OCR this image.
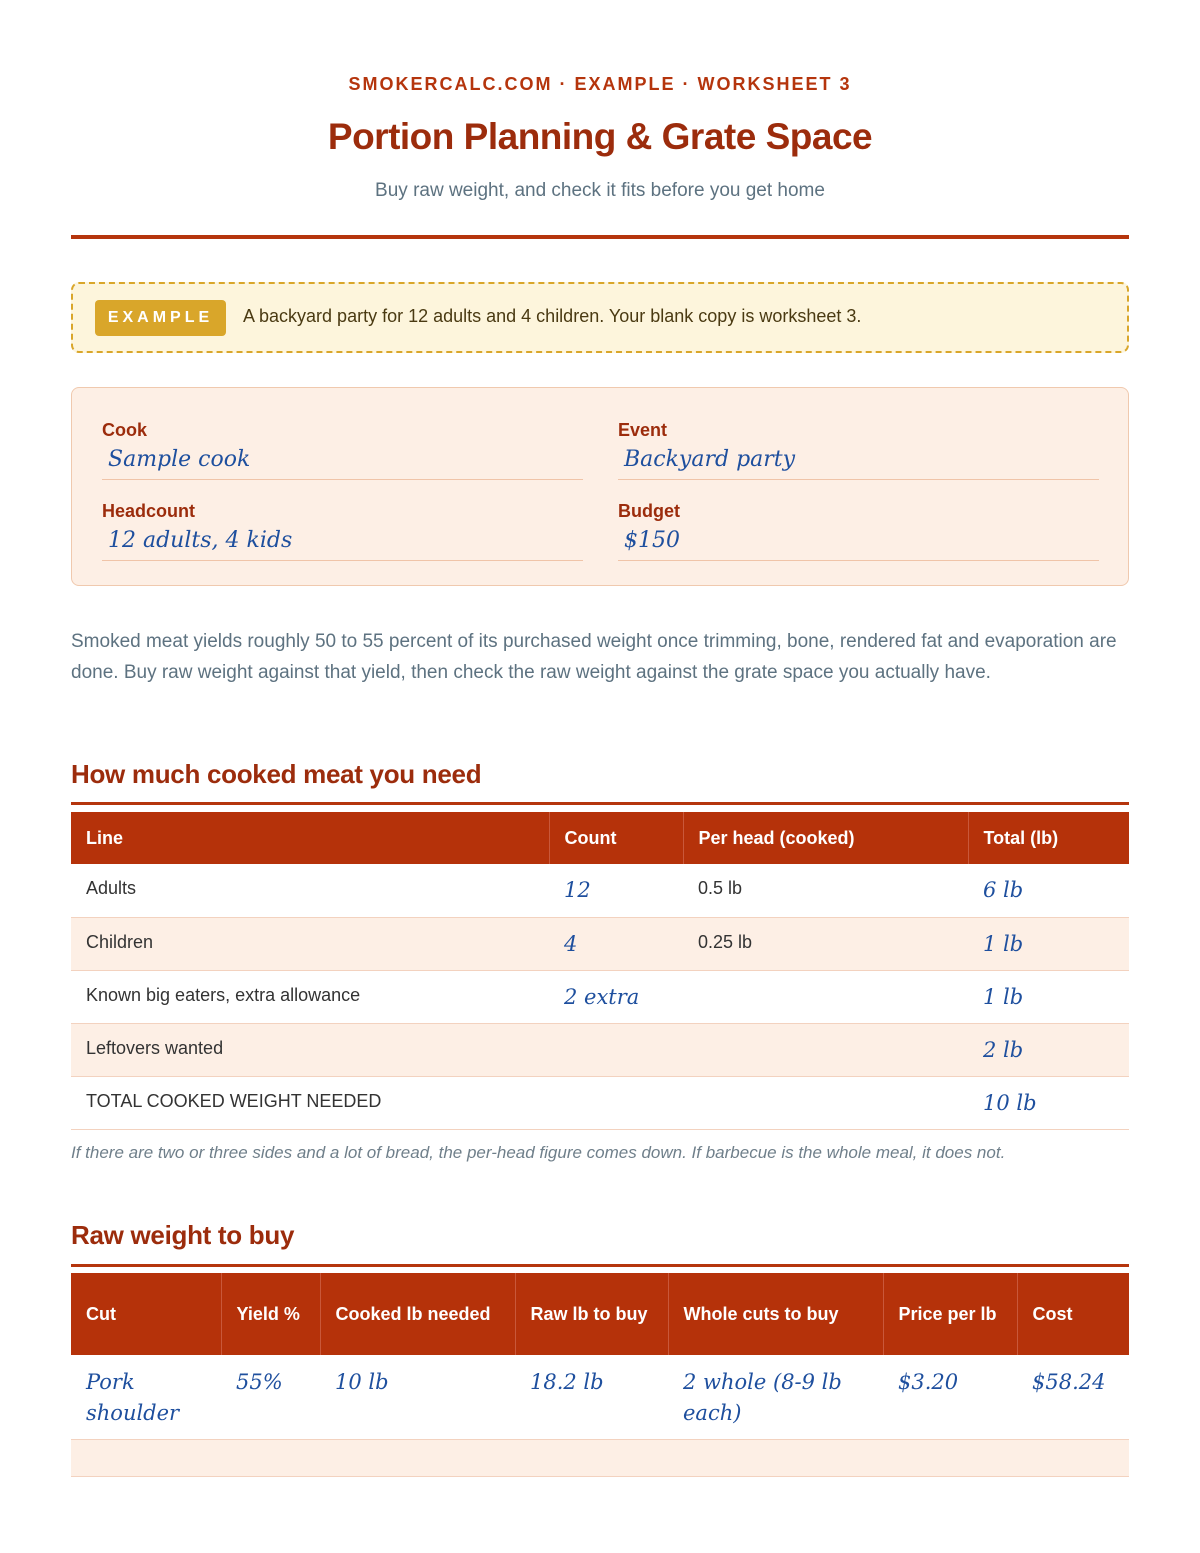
SMOKERCALC.COM · EXAMPLE · WORKSHEET 3
Portion Planning & Grate Space
Buy raw weight, and check it fits before you get home
EXAMPLE	A backyard party for 12 adults and 4 children. Your blank copy is worksheet 3.
Cook
Sample cook
Event
Backyard party
Headcount
12 adults, 4 kids
Budget
$150

Smoked meat yields roughly 50 to 55 percent of its purchased weight once trimming, bone, rendered fat and evaporation are done. Buy raw weight against that yield, then check the raw weight against the grate space you actually have.

How much cooked meat you need
Line	Count	Per head (cooked)	Total (lb)
Adults	12	0.5 lb	6 lb
Children	4	0.25 lb	1 lb
Known big eaters, extra allowance	2 extra		1 lb
Leftovers wanted			2 lb
TOTAL COOKED WEIGHT NEEDED			10 lb

If there are two or three sides and a lot of bread, the per-head figure comes down. If barbecue is the whole meal, it does not.

Raw weight to buy
Cut	Yield %	Cooked lb needed	Raw lb to buy	Whole cuts to buy	Price per lb	Cost
Pork shoulder	55%	10 lb	18.2 lb	2 whole (8-9 lb each)	$3.20	$58.24
